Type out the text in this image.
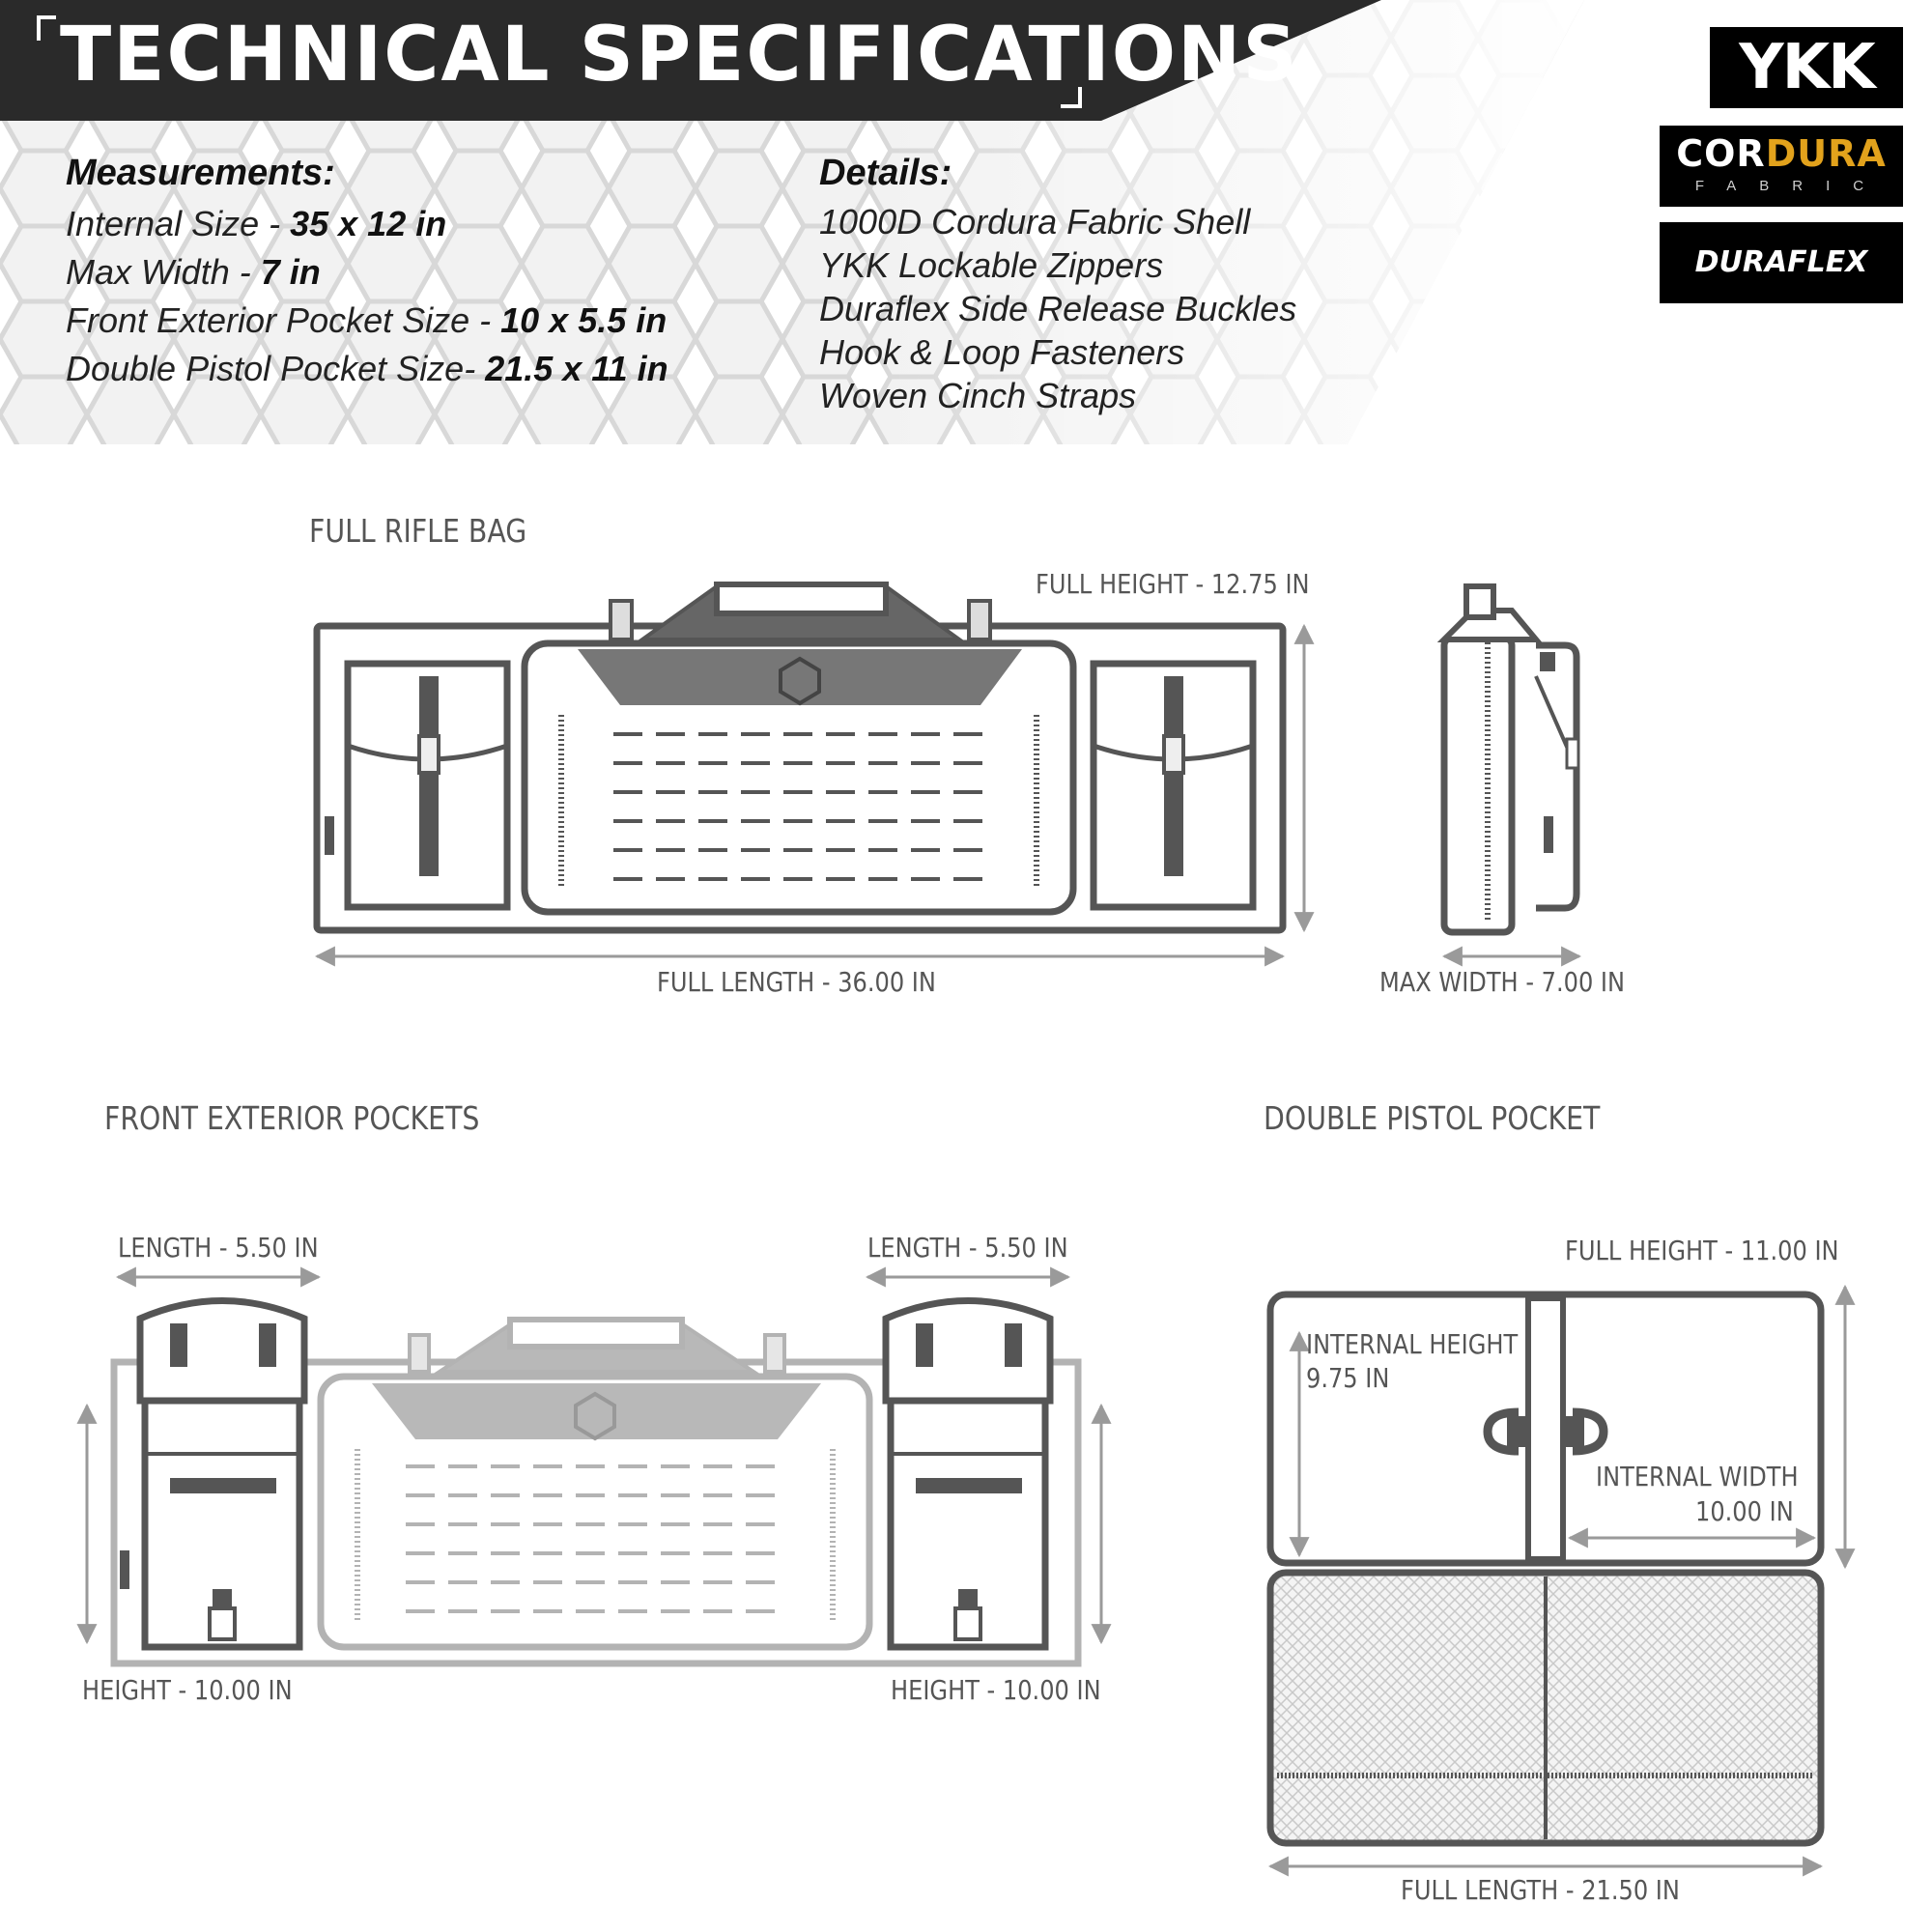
TECHNICAL SPECIFICATIONS
Measurements:
Internal Size - 35 x 12 in
Max Width - 7 in
Front Exterior Pocket Size - 10 x 5.5 in
Double Pistol Pocket Size- 21.5 x 11 in
Details:
1000D Cordura Fabric Shell
YKK Lockable Zippers
Duraflex Side Release Buckles
Hook & Loop Fasteners
Woven Cinch Straps
YKK
CORDURA
FABRIC
DURAFLEX
FULL RIFLE BAG
FULL HEIGHT - 12.75 IN
FULL LENGTH - 36.00 IN	MAX WIDTH - 7.00 IN
FRONT EXTERIOR POCKETS
LENGTH - 5.50 IN	LENGTH - 5.50 IN
HEIGHT - 10.00 IN	HEIGHT - 10.00 IN
DOUBLE PISTOL POCKET
FULL HEIGHT - 11.00 IN
INTERNAL HEIGHT
9.75 IN
INTERNAL WIDTH
10.00 IN
FULL LENGTH - 21.50 IN
